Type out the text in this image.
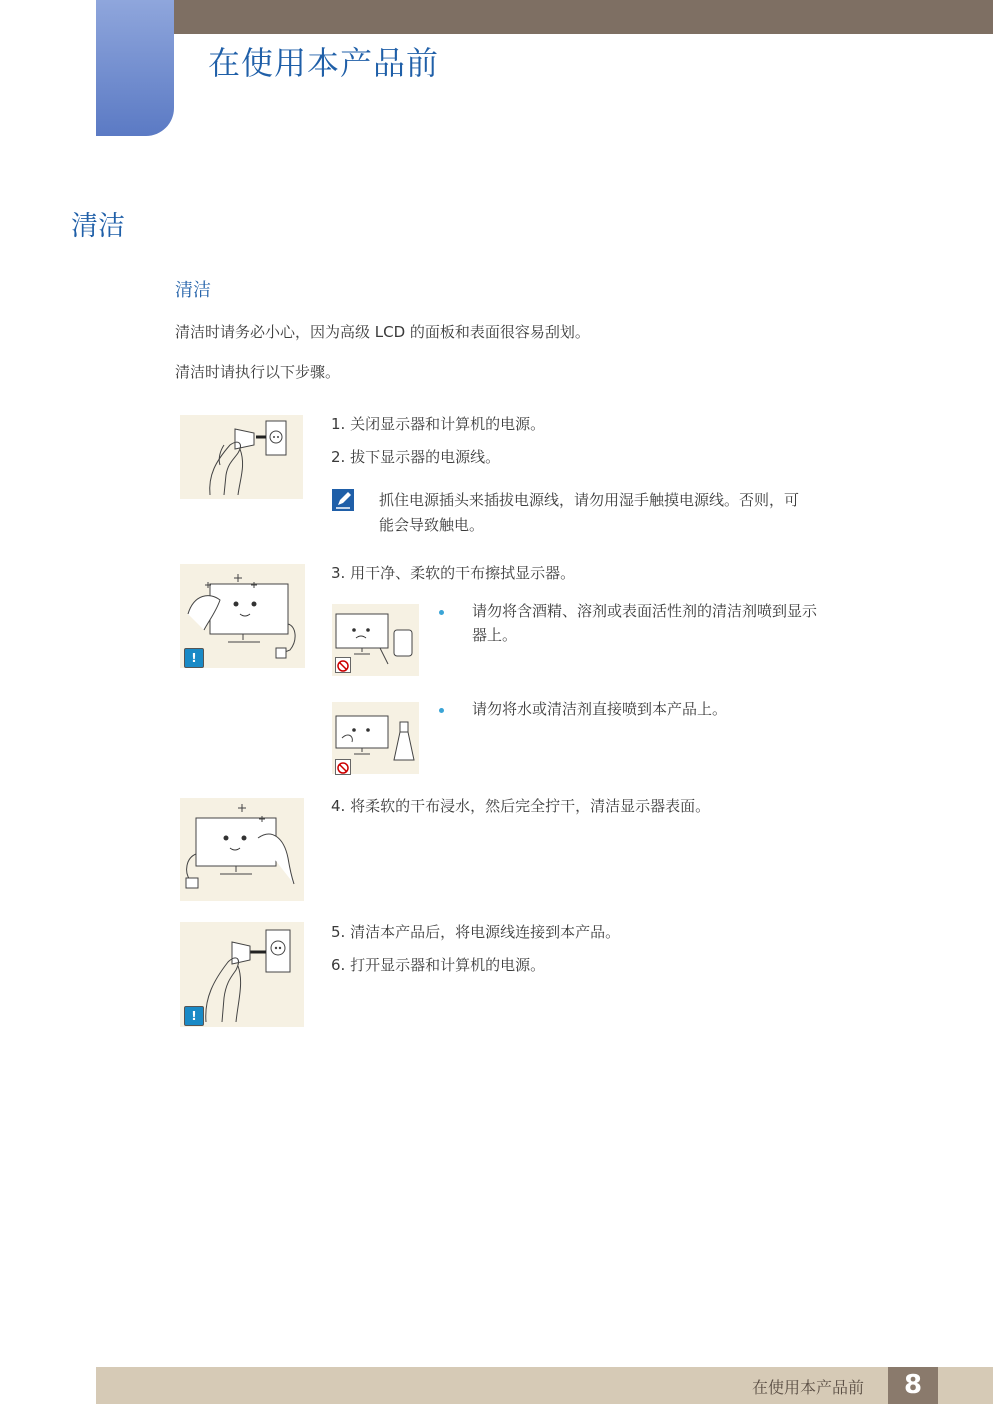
在使用本产品前
清洁
清洁
清洁时请务必小心，因为高级 LCD 的面板和表面很容易刮划。
清洁时请执行以下步骤。
1. 关闭显示器和计算机的电源。
2. 拔下显示器的电源线。
抓住电源插头来插拔电源线，请勿用湿手触摸电源线。否则，可
能会导致触电。
!
3. 用干净、柔软的干布擦拭显示器。
请勿将含酒精、溶剂或表面活性剂的清洁剂喷到显示
器上。
请勿将水或清洁剂直接喷到本产品上。
4. 将柔软的干布浸水，然后完全拧干，清洁显示器表面。
!
5. 清洁本产品后，将电源线连接到本产品。
6. 打开显示器和计算机的电源。
在使用本产品前	8
